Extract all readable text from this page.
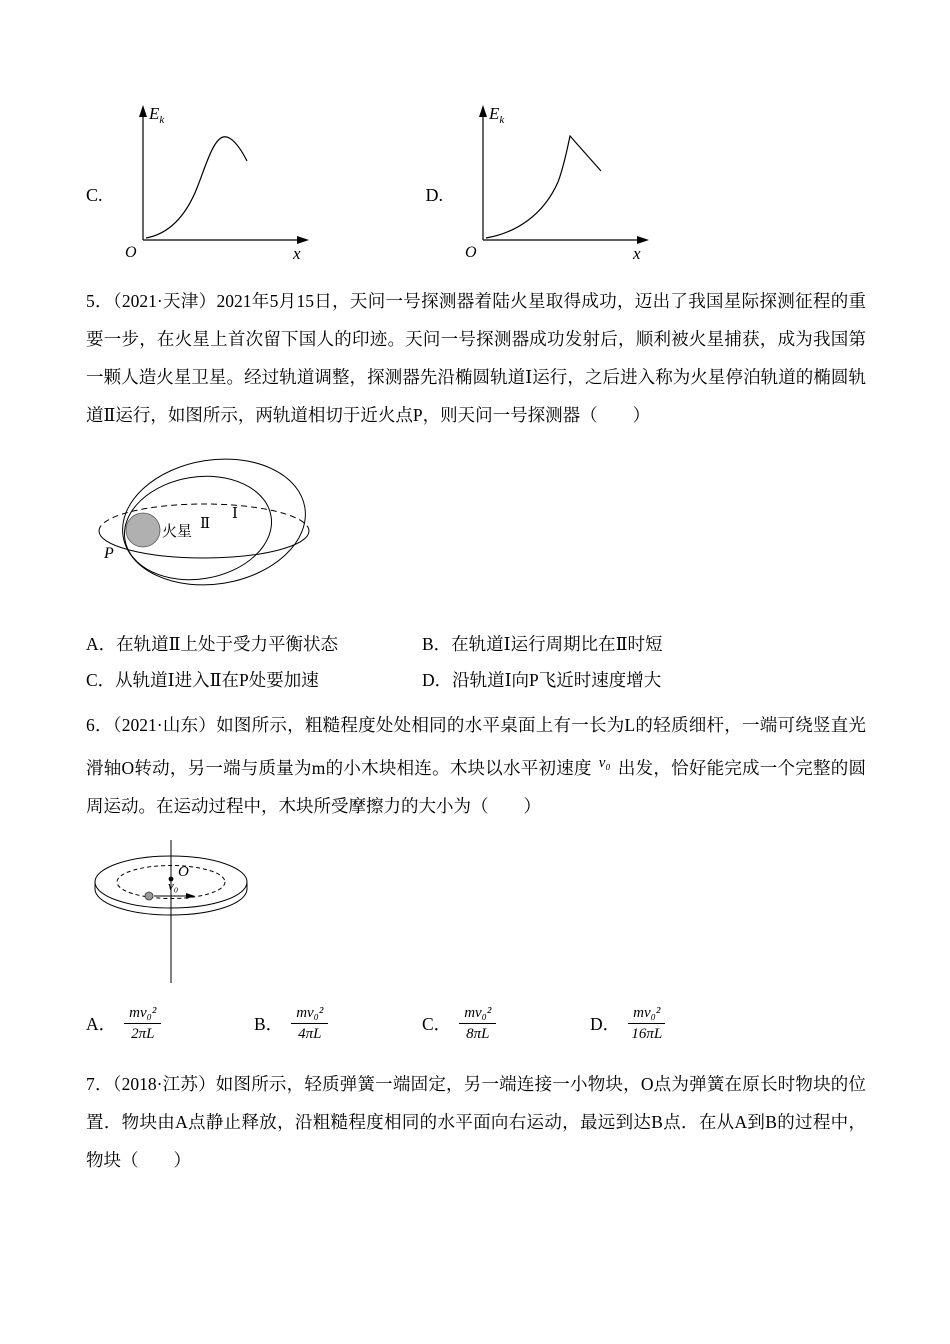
C.
$E_k$
x
O
D.
$E_k$
x
O

5．（2021·天津）2021年5月15日，天问一号探测器着陆火星取得成功，迈出了我国星际探测征程的重要一步，在火星上首次留下国人的印迹。天问一号探测器成功发射后，顺利被火星捕获，成为我国第一颗人造火星卫星。经过轨道调整，探测器先沿椭圆轨道Ⅰ运行，之后进入称为火星停泊轨道的椭圆轨道Ⅱ运行，如图所示，两轨道相切于近火点P，则天问一号探测器（　　）

火星 Ⅱ
Ⅰ
P
A．在轨道Ⅱ上处于受力平衡状态	B．在轨道Ⅰ运行周期比在Ⅱ时短
C．从轨道Ⅰ进入Ⅱ在P处要加速	D．沿轨道Ⅰ向P飞近时速度增大

6．（2021·山东）如图所示，粗糙程度处处相同的水平桌面上有一长为L的轻质细杆，一端可绕竖直光滑轴O转动，另一端与质量为m的小木块相连。木块以水平初速度 v₀ 出发，恰好能完成一个完整的圆周运动。在运动过程中，木块所受摩擦力的大小为（　　）

O
v₀
A． $\frac{\text{mv₀²}}{2\pi L}$	B． $\frac{\text{mv₀²}}{4\pi L}$	C． $\frac{\text{mv₀²}}{8\pi L}$	D． $\frac{\text{mv₀²}}{16\pi L}$

7．（2018·江苏）如图所示，轻质弹簧一端固定，另一端连接一小物块，O点为弹簧在原长时物块的位置．物块由A点静止释放，沿粗糙程度相同的水平面向右运动，最远到达B点．在从A到B的过程中，物块（　　）
